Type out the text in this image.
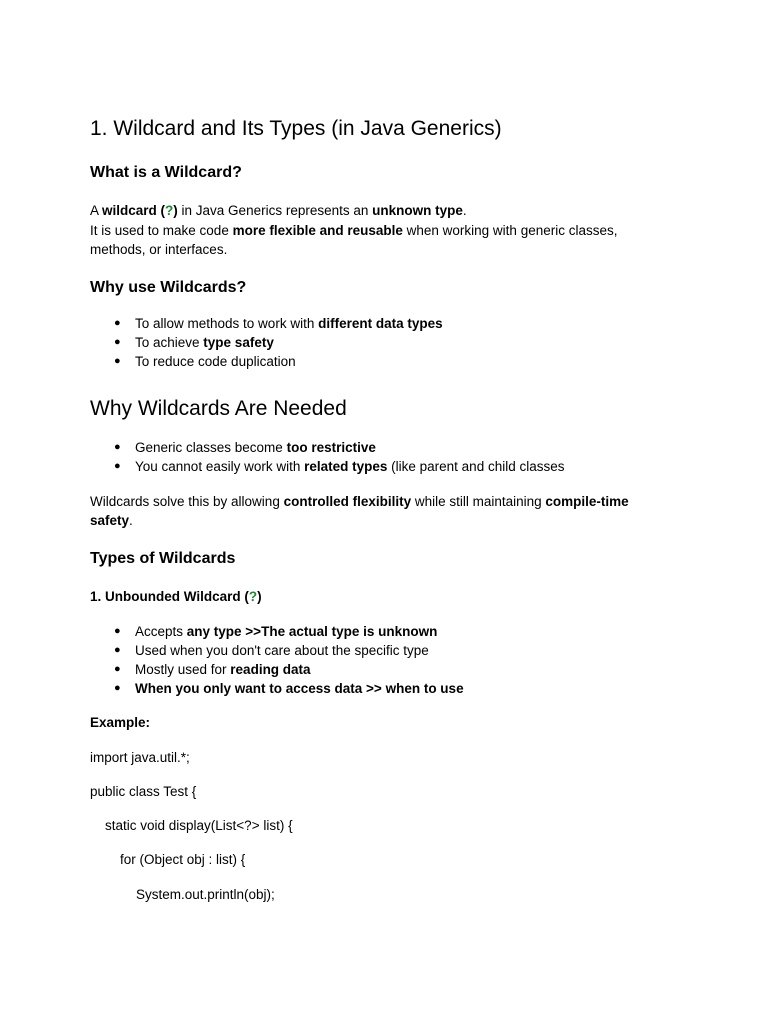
1. Wildcard and Its Types (in Java Generics)
What is a Wildcard?

A wildcard (?) in Java Generics represents an unknown type.

It is used to make code more flexible and reusable when working with generic classes,

methods, or interfaces.

Why use Wildcards?
● To allow methods to work with different data types
● To achieve type safety
● To reduce code duplication
Why Wildcards Are Needed
● Generic classes become too restrictive
● You cannot easily work with related types (like parent and child classes

Wildcards solve this by allowing controlled flexibility while still maintaining compile-time

safety.

Types of Wildcards
1. Unbounded Wildcard (?)
● Accepts any type >>The actual type is unknown
● Used when you don't care about the specific type
● Mostly used for reading data
● When you only want to access data >> when to use
Example:

import java.util.*;

public class Test {

static void display(List<?> list) {

for (Object obj : list) {

System.out.println(obj);
